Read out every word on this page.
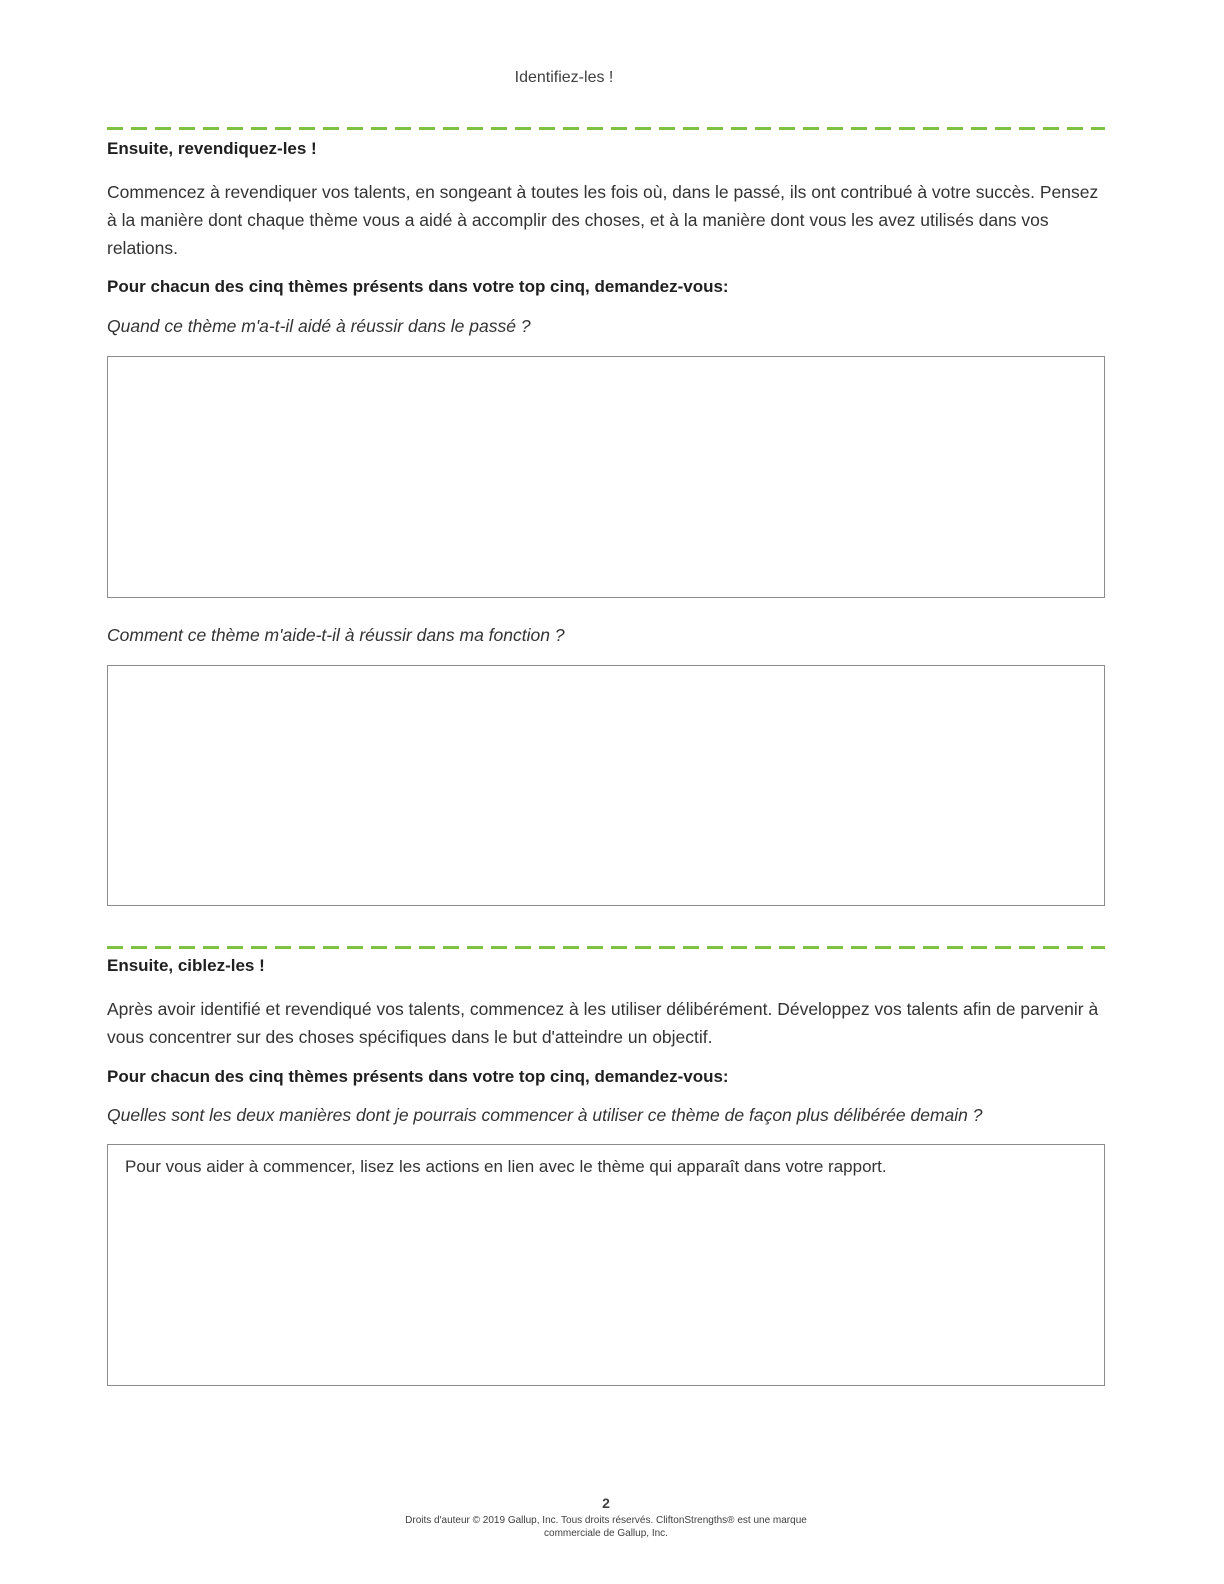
Identifiez-les !
Ensuite, revendiquez-les !
Commencez à revendiquer vos talents, en songeant à toutes les fois où, dans le passé, ils ont contribué à votre succès. Pensez à la manière dont chaque thème vous a aidé à accomplir des choses, et à la manière dont vous les avez utilisés dans vos relations.
Pour chacun des cinq thèmes présents dans votre top cinq, demandez-vous:
Quand ce thème m'a-t-il aidé à réussir dans le passé ?
Comment ce thème m'aide-t-il à réussir dans ma fonction ?
Ensuite, ciblez-les !
Après avoir identifié et revendiqué vos talents, commencez à les utiliser délibérément. Développez vos talents afin de parvenir à vous concentrer sur des choses spécifiques dans le but d'atteindre un objectif.
Pour chacun des cinq thèmes présents dans votre top cinq, demandez-vous:
Quelles sont les deux manières dont je pourrais commencer à utiliser ce thème de façon plus délibérée demain ?
Pour vous aider à commencer, lisez les actions en lien avec le thème qui apparaît dans votre rapport.
2
Droits d'auteur © 2019 Gallup, Inc. Tous droits réservés. CliftonStrengths® est une marque commerciale de Gallup, Inc.
